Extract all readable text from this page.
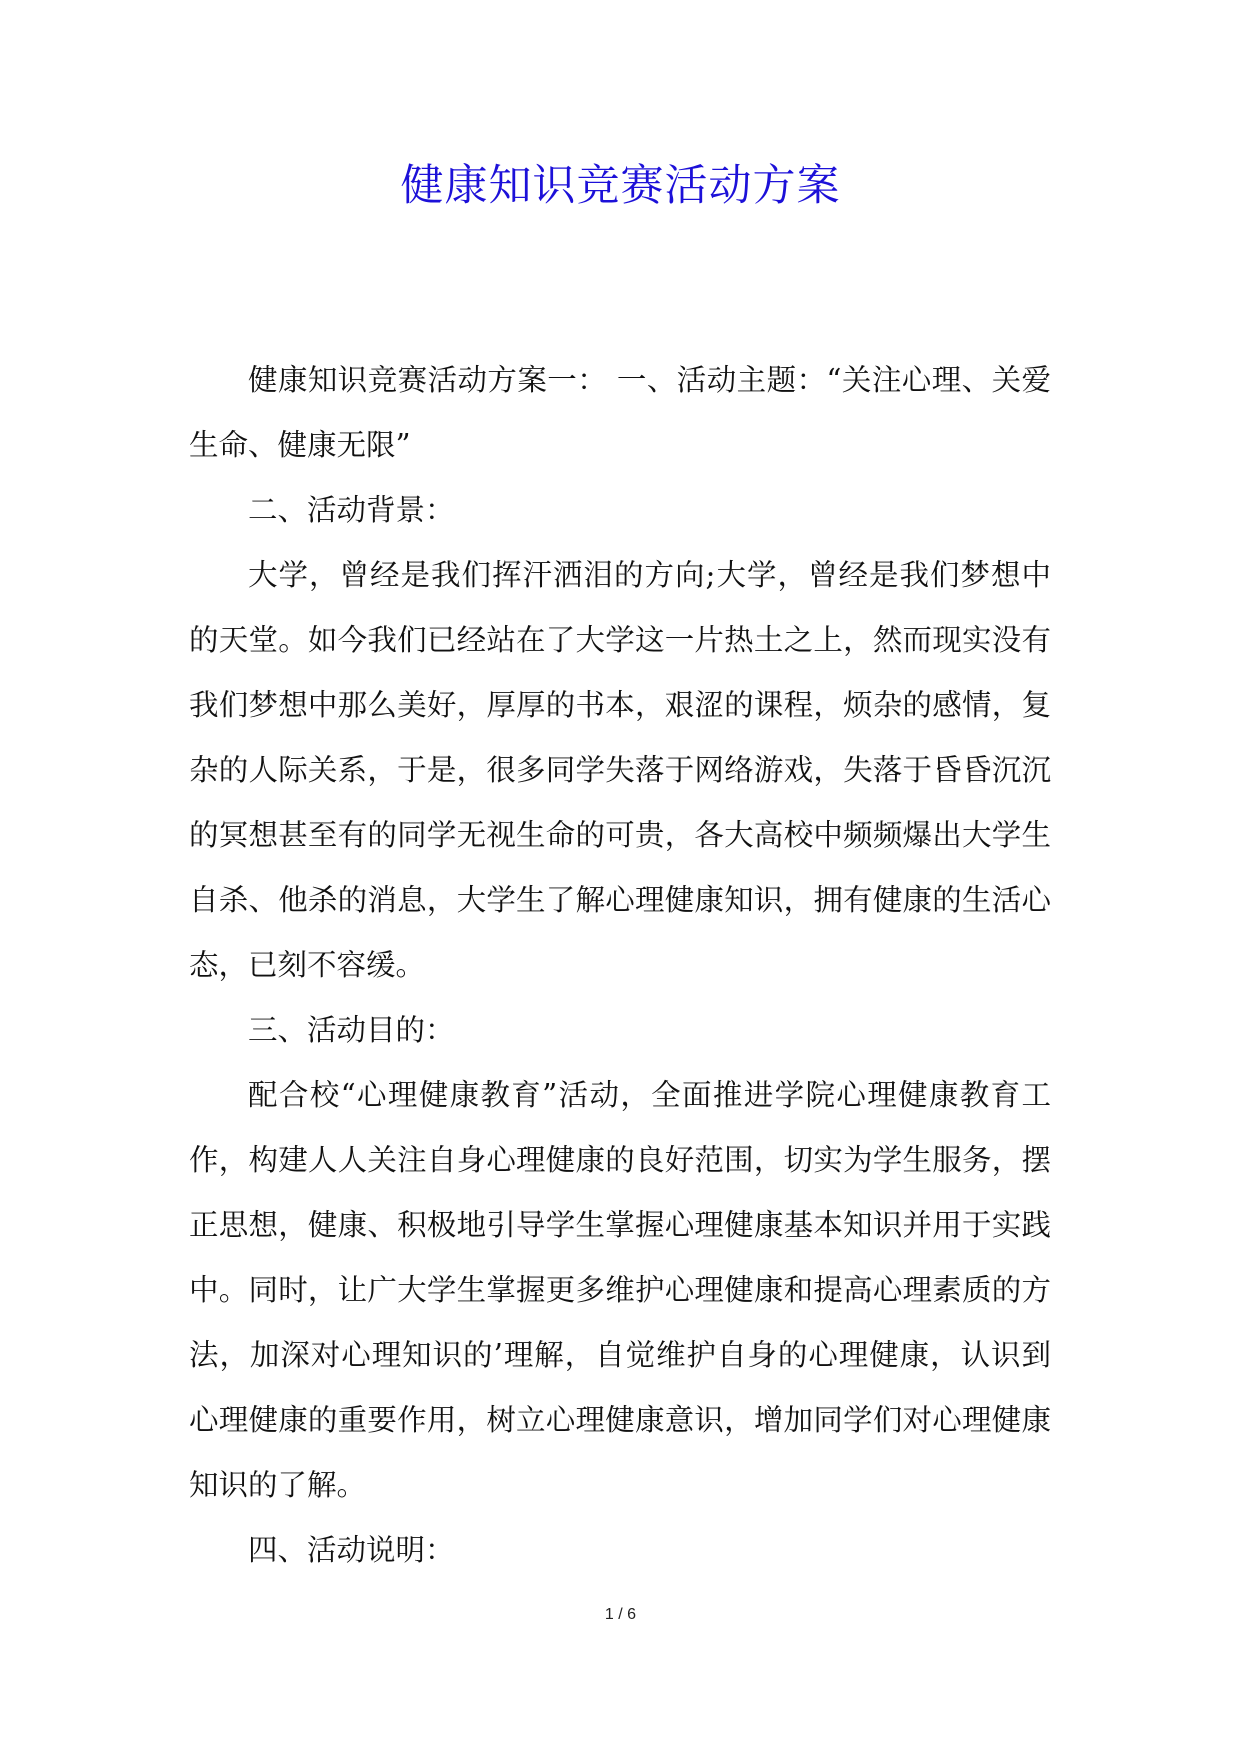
健康知识竞赛活动方案

健康知识竞赛活动方案一： 一、活动主题：“关注心理、关爱生命、健康无限”

二、活动背景：

大学，曾经是我们挥汗洒泪的方向;大学，曾经是我们梦想中的天堂。如今我们已经站在了大学这一片热土之上，然而现实没有我们梦想中那么美好，厚厚的书本，艰涩的课程，烦杂的感情，复杂的人际关系，于是，很多同学失落于网络游戏，失落于昏昏沉沉的冥想甚至有的同学无视生命的可贵，各大高校中频频爆出大学生自杀、他杀的消息，大学生了解心理健康知识，拥有健康的生活心态，已刻不容缓。

三、活动目的：

配合校“心理健康教育”活动，全面推进学院心理健康教育工作，构建人人关注自身心理健康的良好范围，切实为学生服务，摆正思想，健康、积极地引导学生掌握心理健康基本知识并用于实践中。同时，让广大学生掌握更多维护心理健康和提高心理素质的方法，加深对心理知识的’理解，自觉维护自身的心理健康，认识到心理健康的重要作用，树立心理健康意识，增加同学们对心理健康知识的了解。

四、活动说明：

1 / 6
